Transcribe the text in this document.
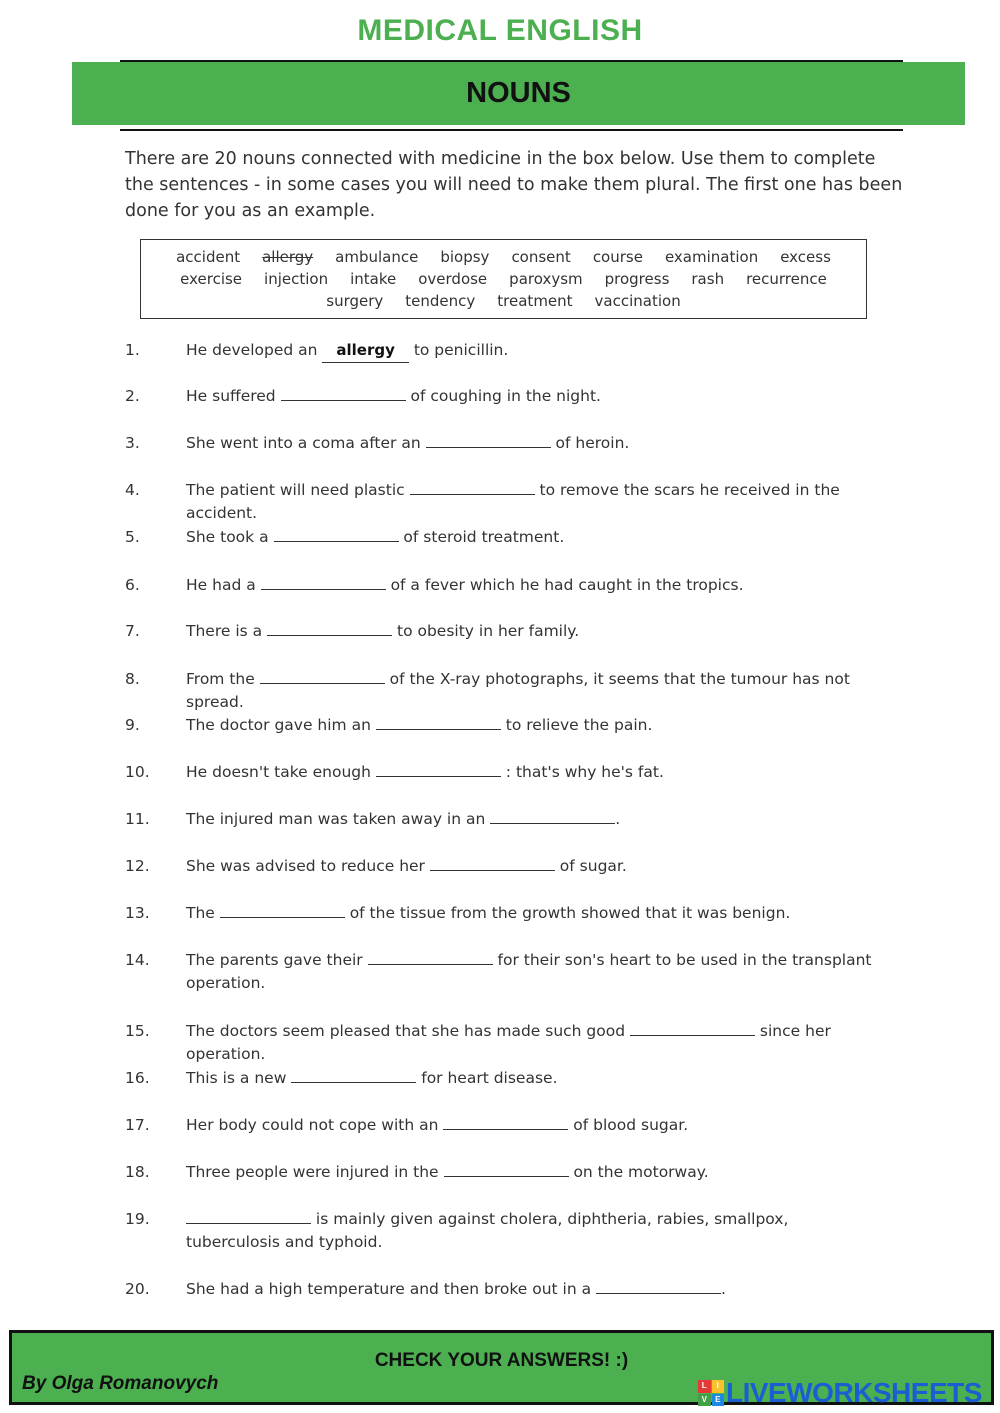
MEDICAL ENGLISH
NOUNS
There are 20 nouns connected with medicine in the box below. Use them to complete the sentences - in some cases you will need to make them plural. The first one has been done for you as an example.
accident allergy ambulance biopsy consent course examination excess
exercise injection intake overdose paroxysm progress rash recurrence
surgery tendency treatment vaccination
1.	He developed an allergy to penicillin.
2.	He suffered	of coughing in the night.
3.	She went into a coma after an	of heroin.
4.	The patient will need plastic	to remove the scars he received in the accident.
5.	She took a	of steroid treatment.
6.	He had a	of a fever which he had caught in the tropics.
7.	There is a	to obesity in her family.
8.	From the	of the X-ray photographs, it seems that the tumour has not spread.
9.	The doctor gave him an	to relieve the pain.
10.	He doesn't take enough	: that's why he's fat.
11.	The injured man was taken away in an	.
12.	She was advised to reduce her	of sugar.
13.	The	of the tissue from the growth showed that it was benign.
14.	The parents gave their	for their son's heart to be used in the transplant operation.
15.	The doctors seem pleased that she has made such good	since her operation.
16.	This is a new	for heart disease.
17.	Her body could not cope with an	of blood sugar.
18.	Three people were injured in the	on the motorway.
19.	is mainly given against cholera, diphtheria, rabies, smallpox, tuberculosis and typhoid.
20.	She had a high temperature and then broke out in a	.
CHECK YOUR ANSWERS! :)
By Olga Romanovych	L	I
V	E LIVEWORKSHEETS
